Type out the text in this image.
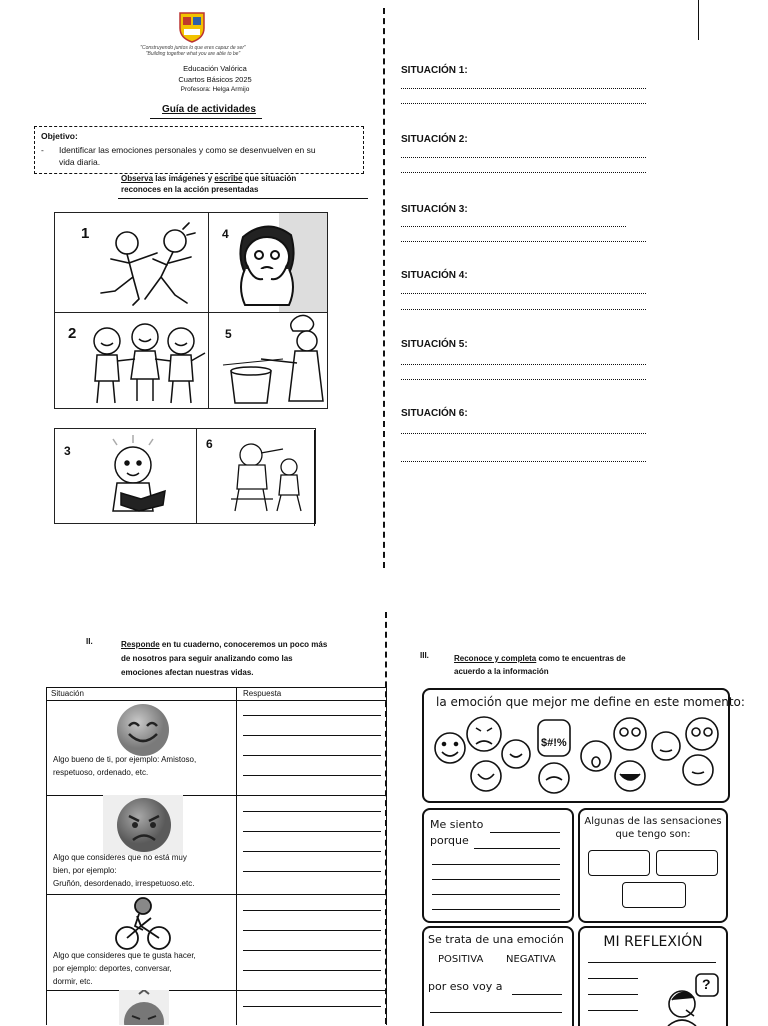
"Construyendo juntos lo que eres capaz de ser"
"Building together what you are able to be"
Educación Valórica
Cuartos Básicos 2025
Profesora: Helga Armijo
Guía de actividades
Objetivo:
- Identificar las emociones personales y como se desenvuelven en su
vida diaria.
Observa las imágenes y escribe que situación
reconoces en la acción presentadas
1	4
2	5
3	6
SITUACIÓN 1:
SITUACIÓN 2:
SITUACIÓN 3:
SITUACIÓN 4:
SITUACIÓN 5:
SITUACIÓN 6:
II.	Responde en tu cuaderno, conoceremos un poco más
de nosotros para seguir analizando como las
emociones afectan nuestras vidas.
Situación	Respuesta
Algo bueno de ti, por ejemplo: Amistoso,
respetuoso, ordenado, etc.
Algo que consideres que no está muy
bien, por ejemplo:
Gruñón, desordenado, irrespetuoso.etc.
Algo que consideres que te gusta hacer,
por ejemplo: deportes, conversar,
dormir, etc.
III.	Reconoce y completa como te encuentras de
acuerdo a la información
la emoción que mejor me define en este momento:
$#!%
Me siento
porque
Algunas de las sensaciones
que tengo son:
Se trata de una emoción
POSITIVA NEGATIVA
por eso voy a
MI REFLEXIÓN
?
